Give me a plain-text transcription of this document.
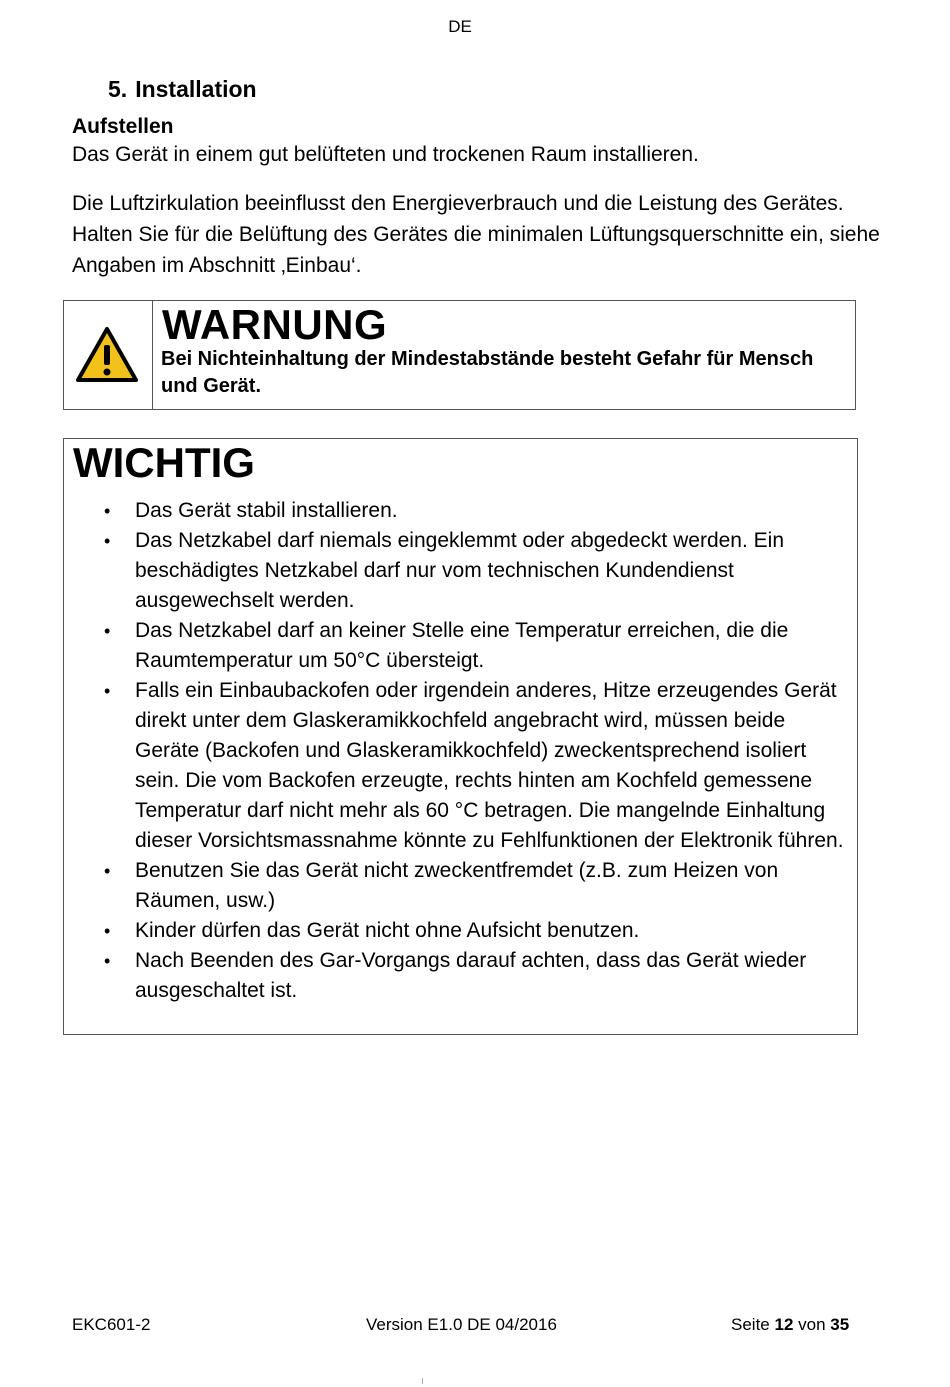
DE
5. Installation
Aufstellen
Das Gerät in einem gut belüfteten und trockenen Raum installieren.
Die Luftzirkulation beeinflusst den Energieverbrauch und die Leistung des Gerätes. Halten Sie für die Belüftung des Gerätes die minimalen Lüftungsquerschnitte ein, siehe Angaben im Abschnitt ‚Einbau‘.
WARNUNG
Bei Nichteinhaltung der Mindestabstände besteht Gefahr für Mensch und Gerät.
WICHTIG
• Das Gerät stabil installieren.
• Das Netzkabel darf niemals eingeklemmt oder abgedeckt werden. Ein beschädigtes Netzkabel darf nur vom technischen Kundendienst ausgewechselt werden.
• Das Netzkabel darf an keiner Stelle eine Temperatur erreichen, die die Raumtemperatur um 50°C übersteigt.
• Falls ein Einbaubackofen oder irgendein anderes, Hitze erzeugendes Gerät direkt unter dem Glaskeramikkochfeld angebracht wird, müssen beide Geräte (Backofen und Glaskeramikkochfeld) zweckentsprechend isoliert sein. Die vom Backofen erzeugte, rechts hinten am Kochfeld gemessene Temperatur darf nicht mehr als 60 °C betragen. Die mangelnde Einhaltung dieser Vorsichtsmassnahme könnte zu Fehlfunktionen der Elektronik führen.
• Benutzen Sie das Gerät nicht zweckentfremdet (z.B. zum Heizen von Räumen, usw.)
• Kinder dürfen das Gerät nicht ohne Aufsicht benutzen.
• Nach Beenden des Gar-Vorgangs darauf achten, dass das Gerät wieder ausgeschaltet ist.
EKC601-2	Version E1.0 DE 04/2016	Seite 12 von 35
